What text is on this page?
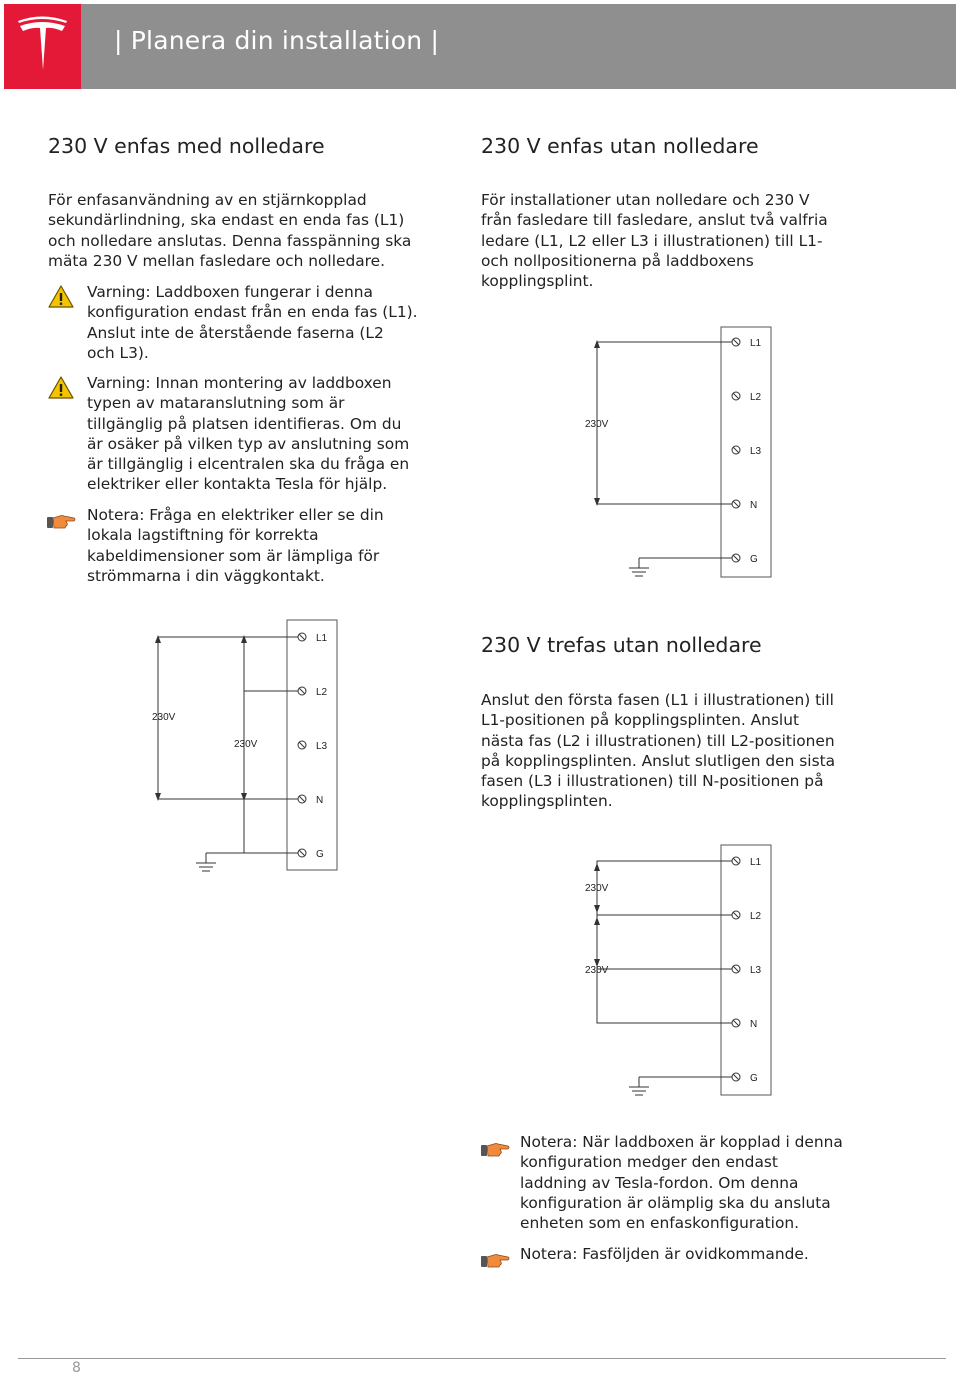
| Planera din installation |
230 V enfas med nolledare

För enfasanvändning av en stjärnkopplad

sekundärlindning, ska endast en enda fas (L1)

och nolledare anslutas. Denna fasspänning ska

mäta 230 V mellan fasledare och nolledare.

Varning: Laddboxen fungerar i denna

konfiguration endast från en enda fas (L1).

Anslut inte de återstående faserna (L2

och L3).

Varning: Innan montering av laddboxen

typen av mataranslutning som är

tillgänglig på platsen identifieras. Om du

är osäker på vilken typ av anslutning som

är tillgänglig i elcentralen ska du fråga en

elektriker eller kontakta Tesla för hjälp.

Notera: Fråga en elektriker eller se din

lokala lagstiftning för korrekta

kabeldimensioner som är lämpliga för

strömmarna i din väggkontakt.

L1
L2
L3
N
G
230V
230V
230 V enfas utan nolledare

För installationer utan nolledare och 230 V

från fasledare till fasledare, anslut två valfria

ledare (L1, L2 eller L3 i illustrationen) till L1-

och nollpositionerna på laddboxens

kopplingsplint.

L1
L2
L3
N
G
230V
230 V trefas utan nolledare

Anslut den första fasen (L1 i illustrationen) till

L1-positionen på kopplingsplinten. Anslut

nästa fas (L2 i illustrationen) till L2-positionen

på kopplingsplinten. Anslut slutligen den sista

fasen (L3 i illustrationen) till N-positionen på

kopplingsplinten.

L1
L2
L3
N
G
230V
230V

Notera: När laddboxen är kopplad i denna

konfiguration medger den endast

laddning av Tesla-fordon. Om denna

konfiguration är olämplig ska du ansluta

enheten som en enfaskonfiguration.

Notera: Fasföljden är ovidkommande.

8
